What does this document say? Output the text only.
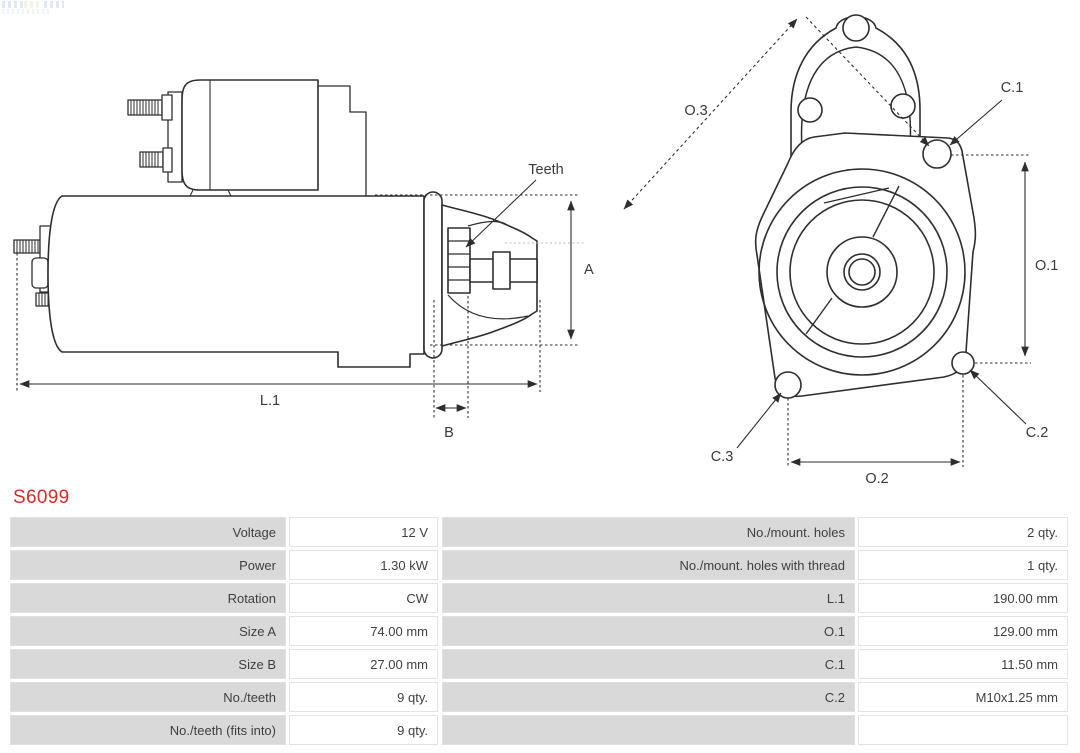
Teeth
A
B
L.1
O.3
C.1
O.1
C.3
C.2
O.2
S6099
Voltage	12 V	No./mount. holes	2 qty.
Power	1.30 kW	No./mount. holes with thread	1 qty.
Rotation	CW	L.1	190.00 mm
Size A	74.00 mm	O.1	129.00 mm
Size B	27.00 mm	C.1	11.50 mm
No./teeth	9 qty.	C.2	M10x1.25 mm
No./teeth (fits into)	9 qty.
